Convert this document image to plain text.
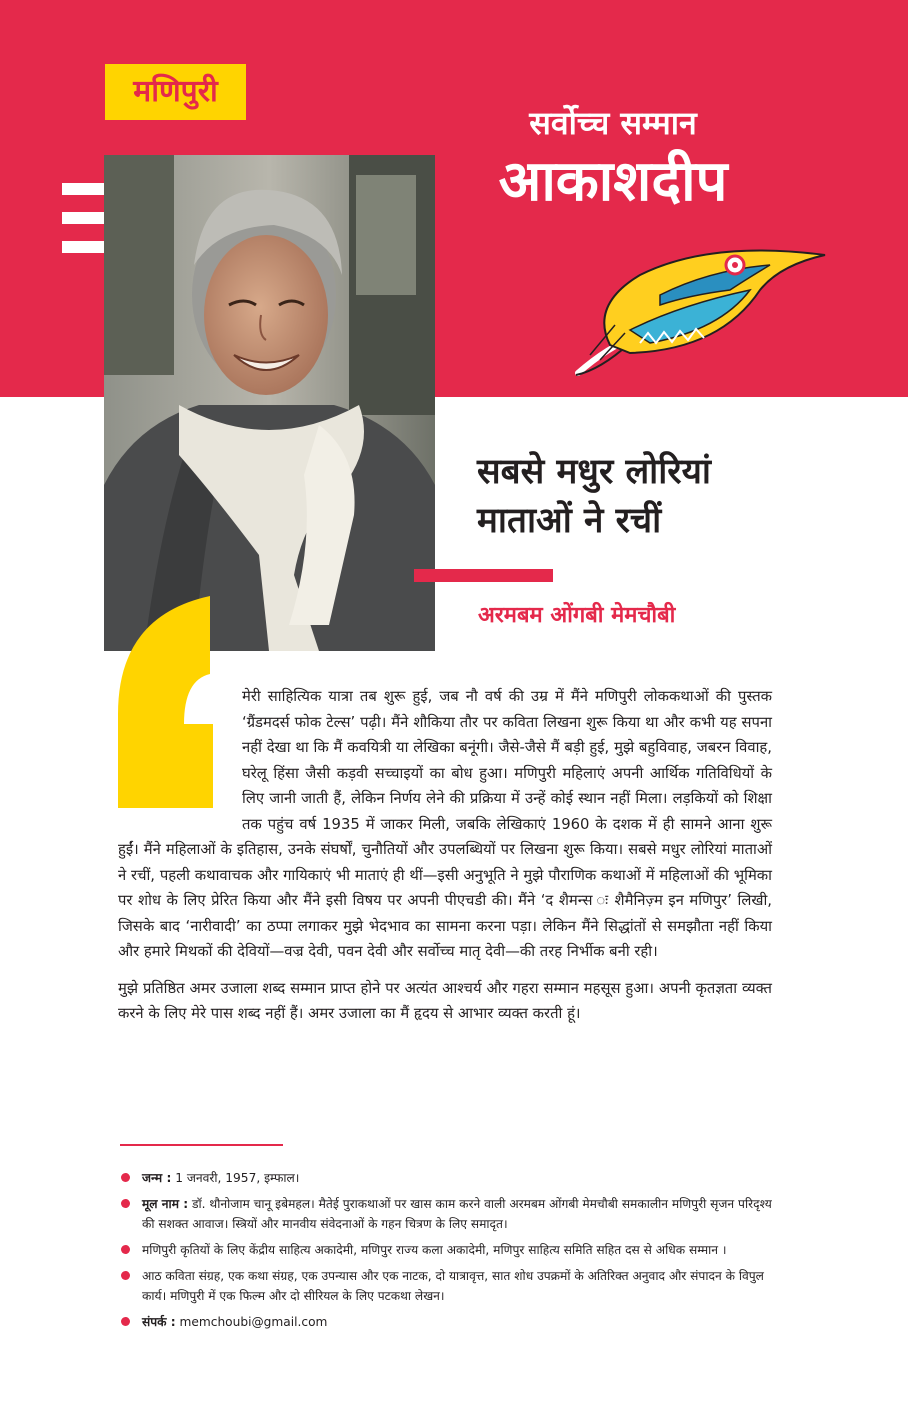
मणिपुरी
सर्वोच्च सम्मान
आकाशदीप
सबसे मधुर लोरियां
माताओं ने रचीं
अरमबम ओंगबी मेमचौबी

मेरी साहित्यिक यात्रा तब शुरू हुई, जब नौ वर्ष की उम्र में मैंने मणिपुरी लोककथाओं की पुस्तक ‘ग्रैंडमदर्स फोक टेल्स’ पढ़ी। मैंने शौकिया तौर पर कविता लिखना शुरू किया था और कभी यह सपना नहीं देखा था कि मैं कवयित्री या लेखिका बनूंगी। जैसे-जैसे मैं बड़ी हुई, मुझे बहुविवाह, जबरन विवाह, घरेलू हिंसा जैसी कड़वी सच्चाइयों का बोध हुआ। मणिपुरी महिलाएं अपनी आर्थिक गतिविधियों के लिए जानी जाती हैं, लेकिन निर्णय लेने की प्रक्रिया में उन्हें कोई स्थान नहीं मिला। लड़कियों को शिक्षा तक पहुंच वर्ष 1935 में जाकर मिली, जबकि लेखिकाएं 1960 के दशक में ही सामने आना शुरू हुईं। मैंने महिलाओं के इतिहास, उनके संघर्षों, चुनौतियों और उपलब्धियों पर लिखना शुरू किया। सबसे मधुर लोरियां माताओं ने रचीं, पहली कथावाचक और गायिकाएं भी माताएं ही थीं—इसी अनुभूति ने मुझे पौराणिक कथाओं में महिलाओं की भूमिका पर शोध के लिए प्रेरित किया और मैंने इसी विषय पर अपनी पीएचडी की। मैंने ‘द शैमन्स ः शैमैनिज़्म इन मणिपुर’ लिखी, जिसके बाद ‘नारीवादी’ का ठप्पा लगाकर मुझे भेदभाव का सामना करना पड़ा। लेकिन मैंने सिद्धांतों से समझौता नहीं किया और हमारे मिथकों की देवियों—वज्र देवी, पवन देवी और सर्वोच्च मातृ देवी—की तरह निर्भीक बनी रही।

मुझे प्रतिष्ठित अमर उजाला शब्द सम्मान प्राप्त होने पर अत्यंत आश्चर्य और गहरा सम्मान महसूस हुआ। अपनी कृतज्ञता व्यक्त करने के लिए मेरे पास शब्द नहीं हैं। अमर उजाला का मैं हृदय से आभार व्यक्त करती हूं।

जन्म : 1 जनवरी, 1957, इम्फाल।
मूल नाम : डॉ. थौनोजाम चानू इबेमहल। मैतेई पुराकथाओं पर खास काम करने वाली अरमबम ओंगबी मेमचौबी समकालीन मणिपुरी सृजन परिदृश्य की सशक्त आवाज। स्त्रियों और मानवीय संवेदनाओं के गहन चित्रण के लिए समादृत।
मणिपुरी कृतियों के लिए केंद्रीय साहित्य अकादेमी, मणिपुर राज्य कला अकादेमी, मणिपुर साहित्य समिति सहित दस से अधिक सम्मान ।
आठ कविता संग्रह, एक कथा संग्रह, एक उपन्यास और एक नाटक, दो यात्रावृत्त, सात शोध उपक्रमों के अतिरिक्त अनुवाद और संपादन के विपुल कार्य। मणिपुरी में एक फिल्म और दो सीरियल के लिए पटकथा लेखन।
संपर्क : memchoubi@gmail.com
